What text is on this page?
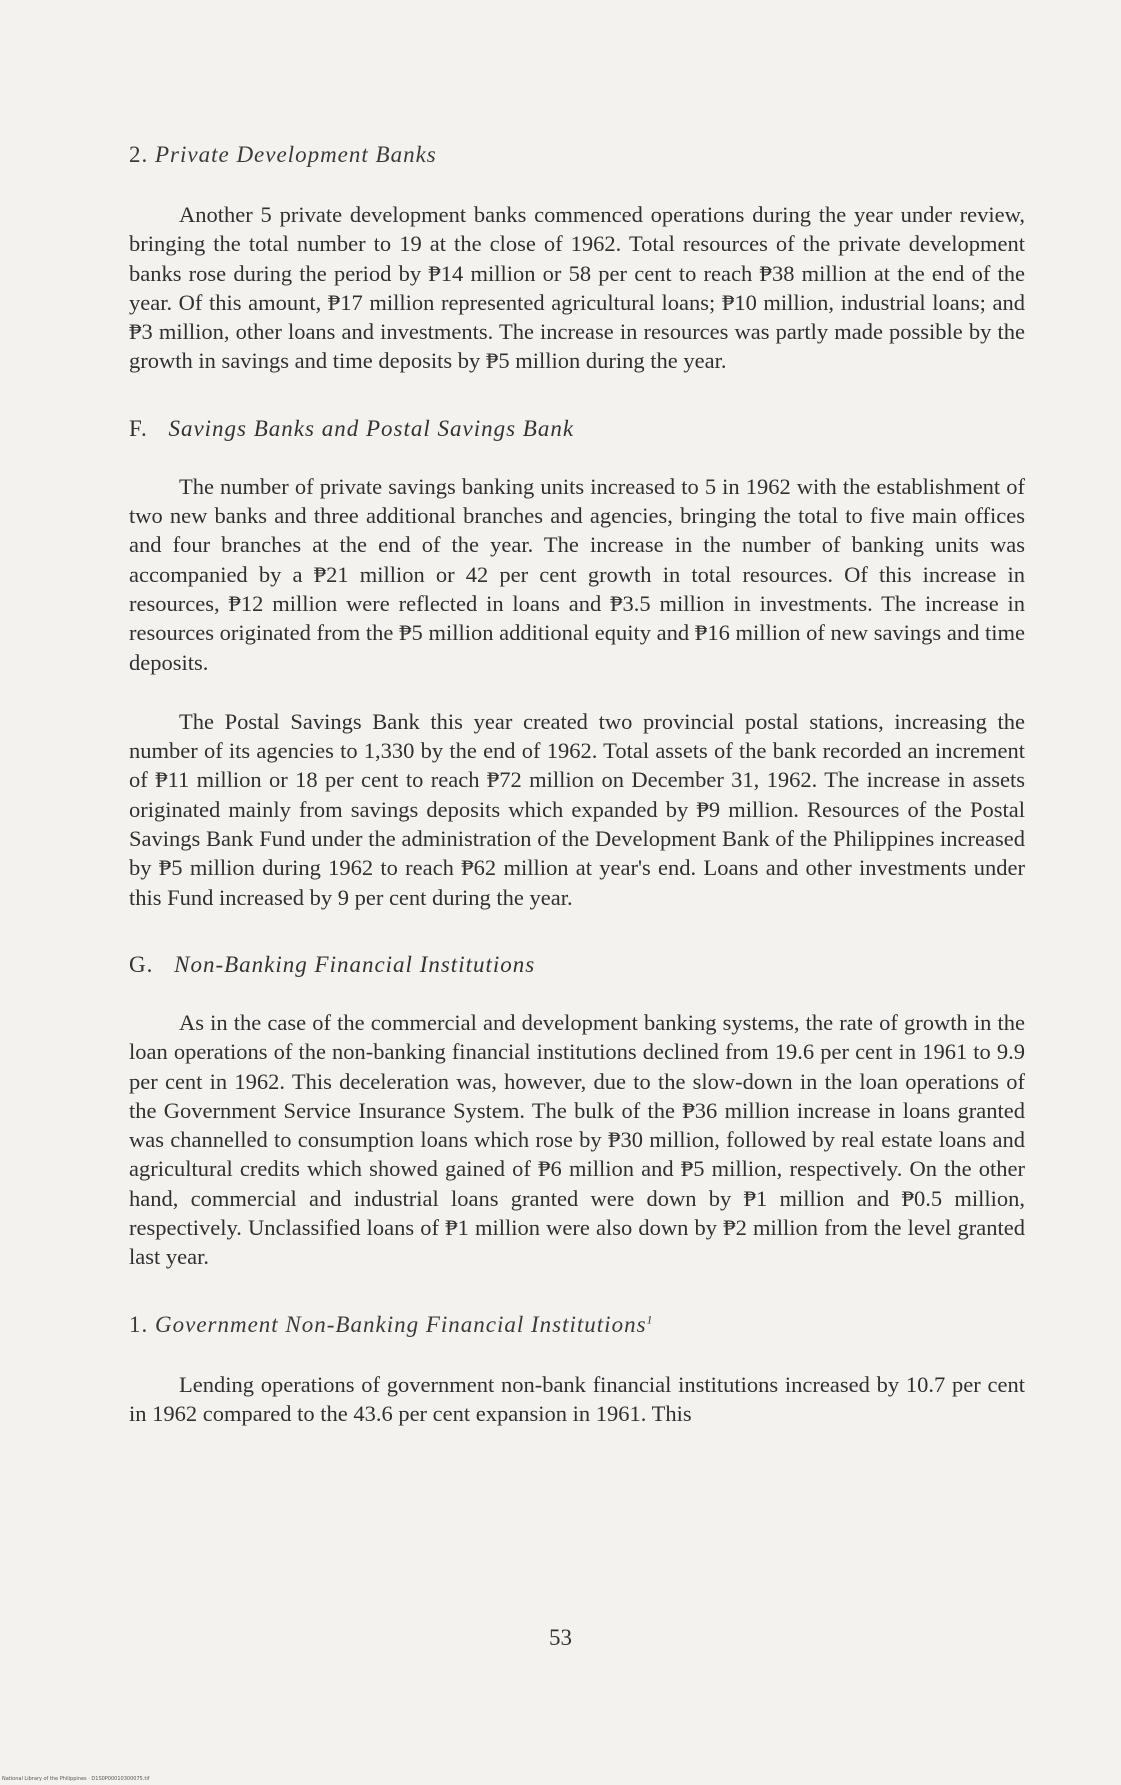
2. Private Development Banks

Another 5 private development banks commenced operations during the year under review, bringing the total number to 19 at the close of 1962. Total resources of the private development banks rose during the period by ₱14 million or 58 per cent to reach ₱38 million at the end of the year. Of this amount, ₱17 million represented agricultural loans; ₱10 million, industrial loans; and ₱3 million, other loans and investments. The increase in resources was partly made possible by the growth in savings and time deposits by ₱5 million during the year.

F. Savings Banks and Postal Savings Bank

The number of private savings banking units increased to 5 in 1962 with the establishment of two new banks and three additional branches and agencies, bringing the total to five main offices and four branches at the end of the year. The increase in the number of banking units was accompanied by a ₱21 million or 42 per cent growth in total resources. Of this increase in resources, ₱12 million were reflected in loans and ₱3.5 million in investments. The increase in resources originated from the ₱5 million additional equity and ₱16 million of new savings and time deposits.

The Postal Savings Bank this year created two provincial postal stations, increasing the number of its agencies to 1,330 by the end of 1962. Total assets of the bank recorded an increment of ₱11 million or 18 per cent to reach ₱72 million on December 31, 1962. The increase in assets originated mainly from savings deposits which expanded by ₱9 million. Resources of the Postal Savings Bank Fund under the administration of the Development Bank of the Philippines increased by ₱5 million during 1962 to reach ₱62 million at year's end. Loans and other investments under this Fund increased by 9 per cent during the year.

G. Non-Banking Financial Institutions

As in the case of the commercial and development banking systems, the rate of growth in the loan operations of the non-banking financial institutions declined from 19.6 per cent in 1961 to 9.9 per cent in 1962. This deceleration was, however, due to the slow-down in the loan operations of the Government Service Insurance System. The bulk of the ₱36 million increase in loans granted was channelled to consumption loans which rose by ₱30 million, followed by real estate loans and agricultural credits which showed gained of ₱6 million and ₱5 million, respectively. On the other hand, commercial and industrial loans granted were down by ₱1 million and ₱0.5 million, respectively. Unclassified loans of ₱1 million were also down by ₱2 million from the level granted last year.

1. Government Non-Banking Financial Institutions$^1$

Lending operations of government non-bank financial institutions increased by 10.7 per cent in 1962 compared to the 43.6 per cent expansion in 1961. This

53
National Library of the Philippines · D1S0P00010300075.tif
